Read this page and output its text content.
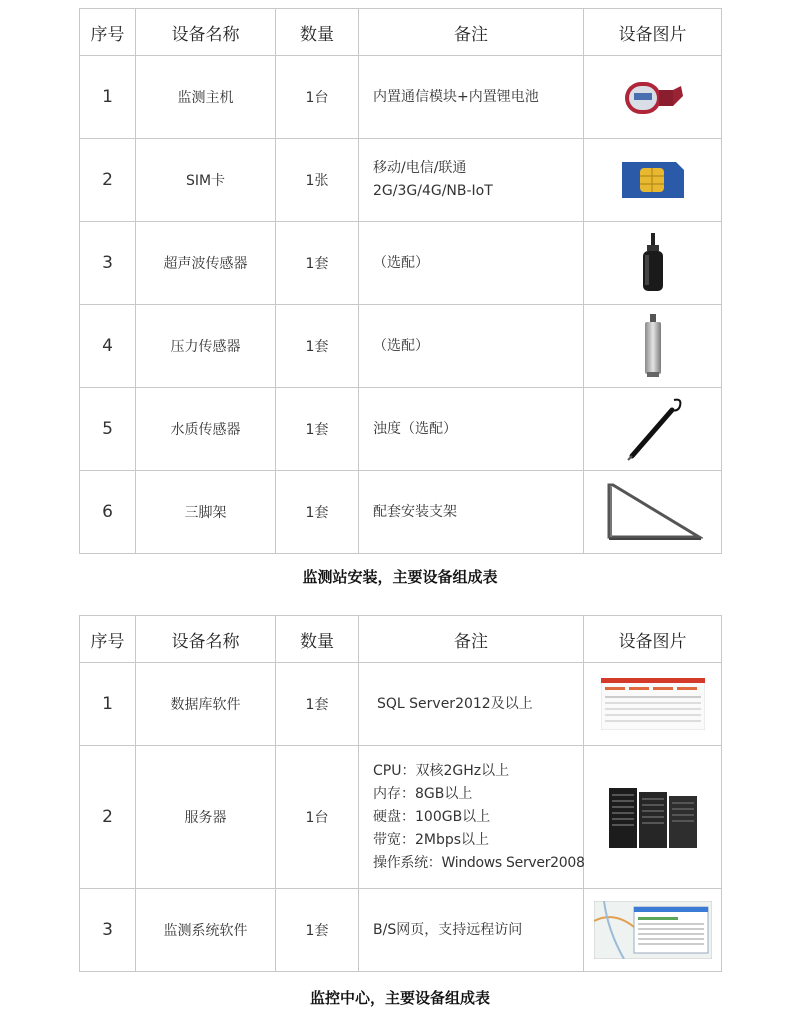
序号	设备名称	数量	备注	设备图片
1	监测主机	1台	内置通信模块+内置锂电池

2	SIM卡	1张	移动/电信/联通
2G/3G/4G/NB-IoT

3	超声波传感器	1套	（选配）

4	压力传感器	1套	（选配）

5	水质传感器	1套	浊度（选配）

6	三脚架	1套	配套安装支架

监测站安装，主要设备组成表
序号	设备名称	数量	备注	设备图片
1	数据库软件	1套	SQL Server2012及以上

2	服务器	1台	CPU：双核2GHz以上
内存：8GB以上
硬盘：100GB以上
带宽：2Mbps以上
操作系统：Windows Server2008

3	监测系统软件	1套	B/S网页，支持远程访问

监控中心，主要设备组成表
